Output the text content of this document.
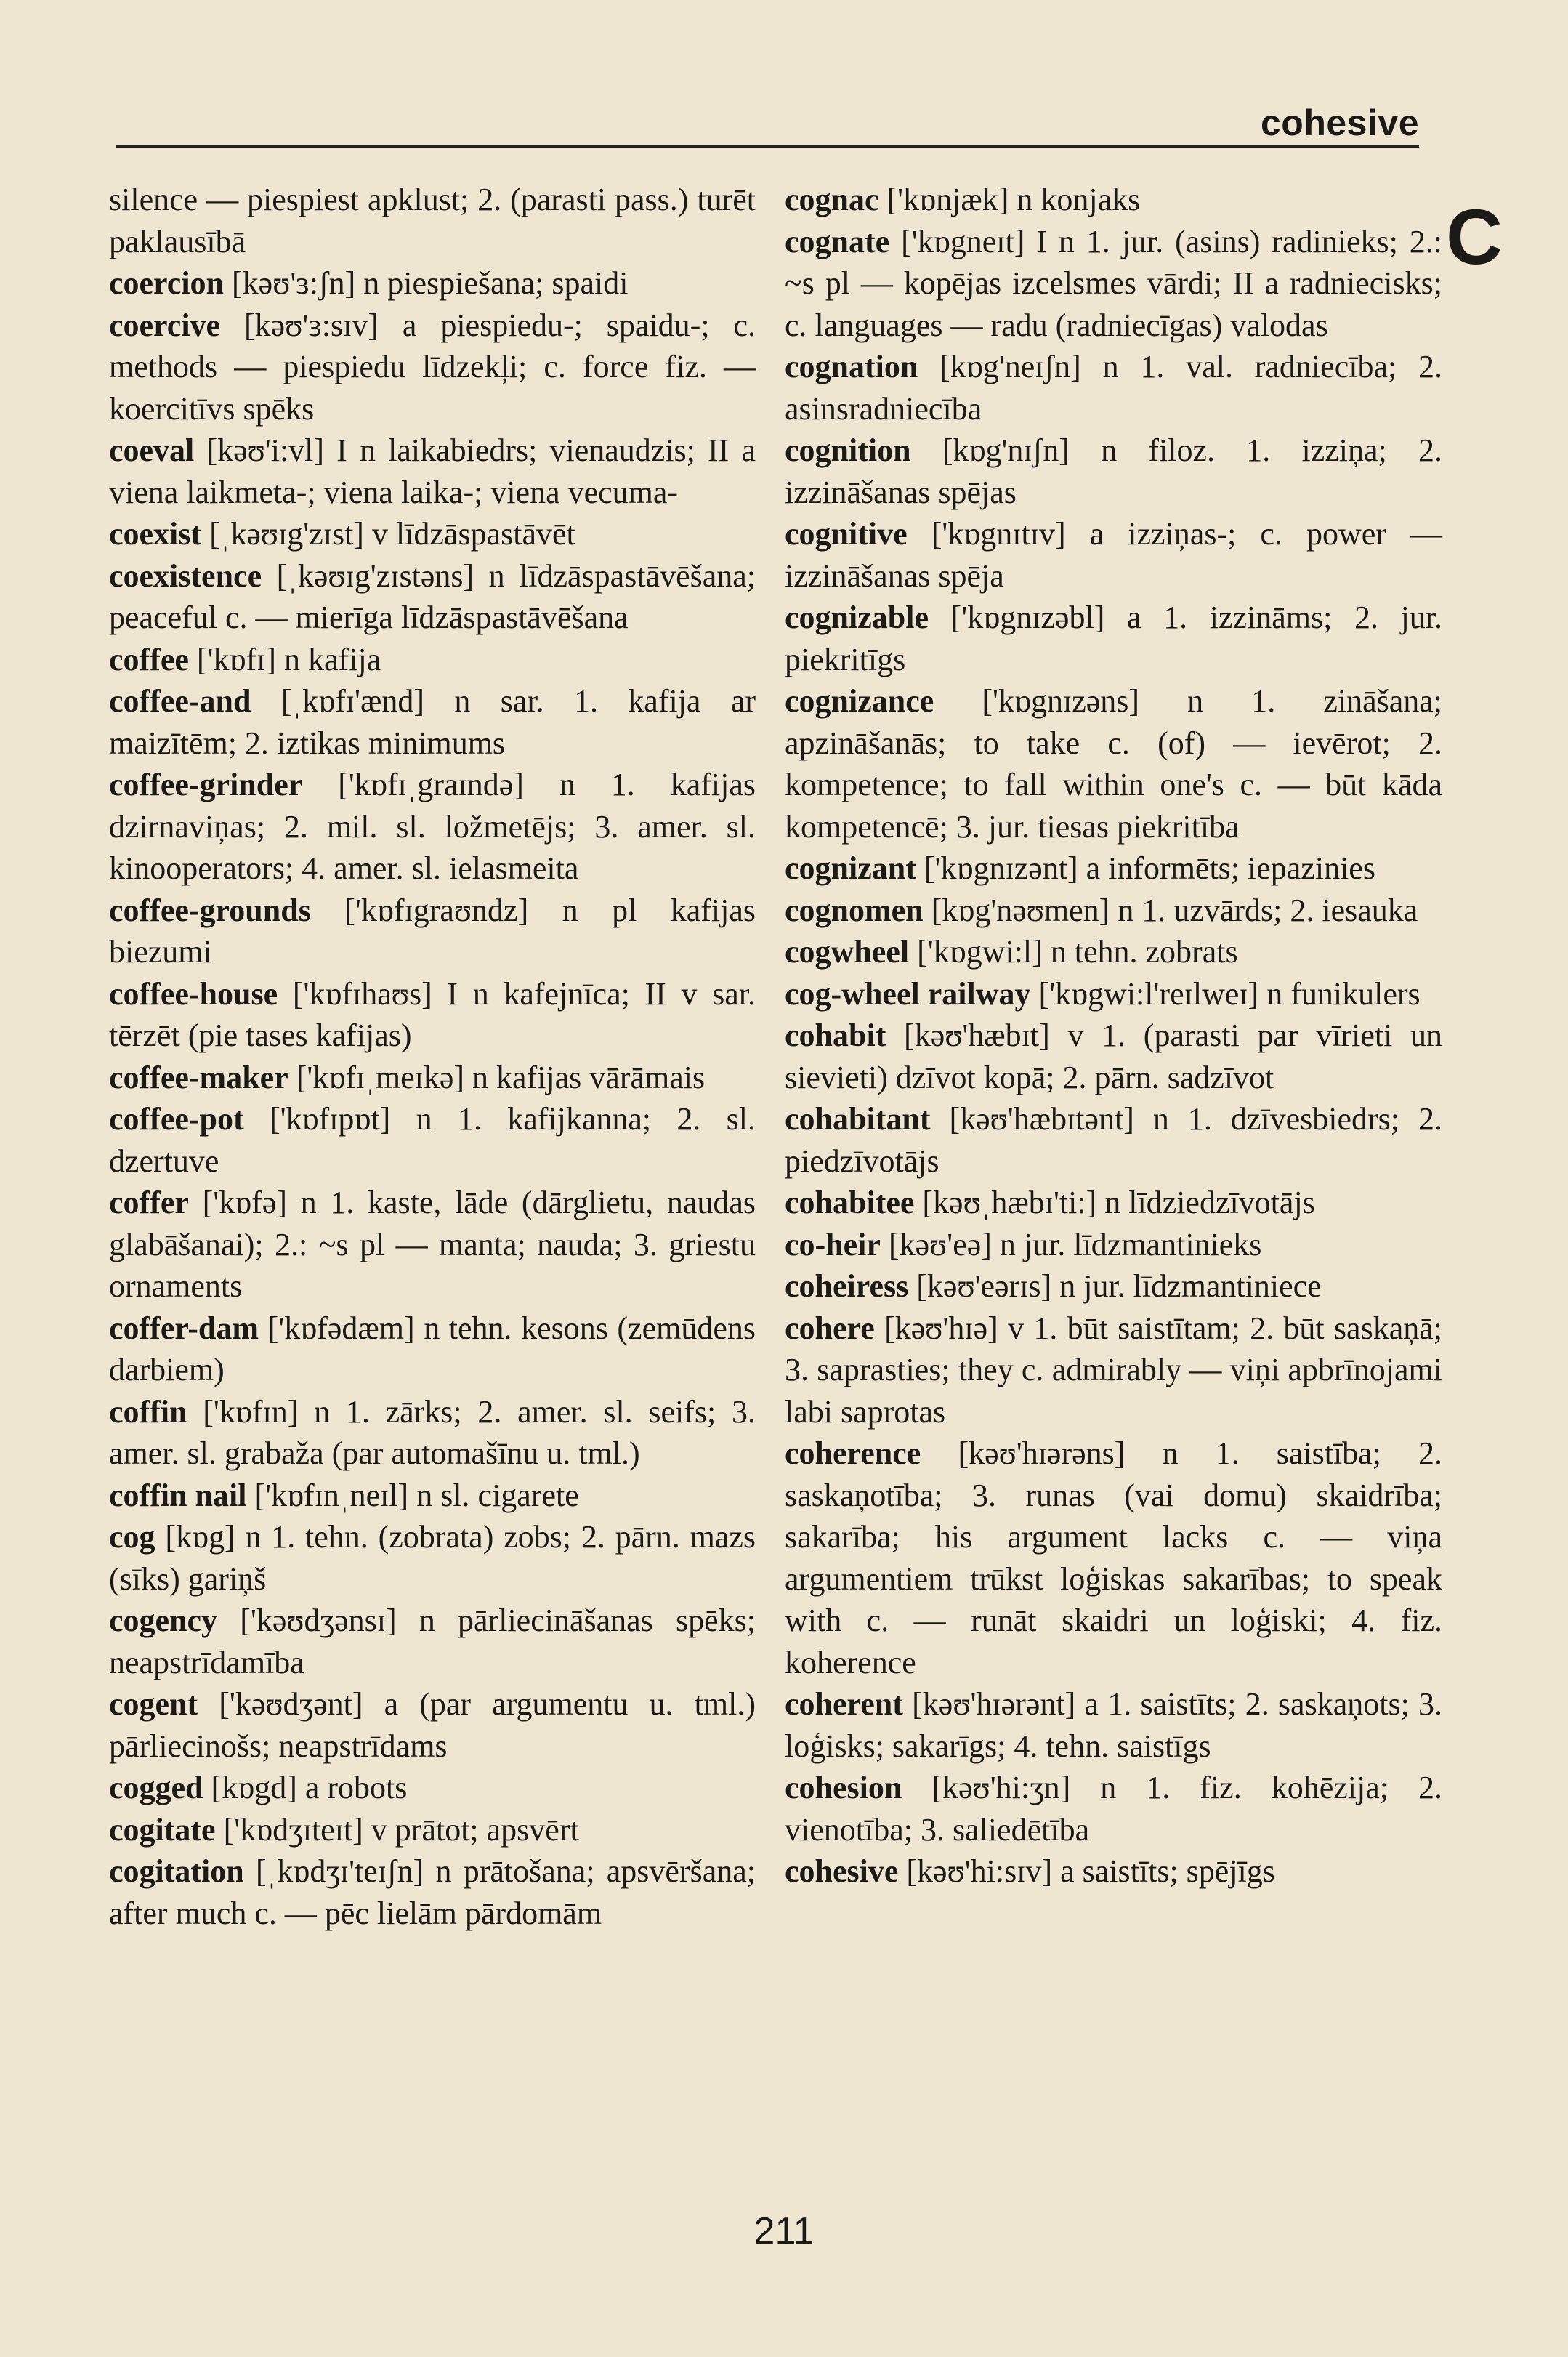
cohesive
C

silence — piespiest apklust; 2. (parasti pass.) turēt paklausībā

coercion [kəʊ'ɜ:ʃn] n piespiešana; spaidi

coercive [kəʊ'ɜ:sɪv] a piespiedu-; spaidu-; c. methods — piespiedu līdzekļi; c. force fiz. — koercitīvs spēks

coeval [kəʊ'i:vl] I n laikabiedrs; vienaudzis; II a viena laikmeta-; viena laika-; viena vecuma-

coexist [ˌkəʊɪg'zɪst] v līdzāspastāvēt

coexistence [ˌkəʊɪg'zɪstəns] n līdzāspastāvēšana; peaceful c. — mierīga līdzāspastāvēšana

coffee ['kɒfɪ] n kafija

coffee-and [ˌkɒfɪ'ænd] n sar. 1. kafija ar maizītēm; 2. iztikas minimums

coffee-grinder ['kɒfɪˌgraɪndə] n 1. kafijas dzirnaviņas; 2. mil. sl. ložmetējs; 3. amer. sl. kinooperators; 4. amer. sl. ielasmeita

coffee-grounds ['kɒfɪgraʊndz] n pl kafijas biezumi

coffee-house ['kɒfɪhaʊs] I n kafejnīca; II v sar. tērzēt (pie tases kafijas)

coffee-maker ['kɒfɪˌmeɪkə] n kafijas vārāmais

coffee-pot ['kɒfɪpɒt] n 1. kafijkanna; 2. sl. dzertuve

coffer ['kɒfə] n 1. kaste, lāde (dārglietu, naudas glabāšanai); 2.: ~s pl — manta; nauda; 3. griestu ornaments

coffer-dam ['kɒfədæm] n tehn. kesons (zemūdens darbiem)

coffin ['kɒfɪn] n 1. zārks; 2. amer. sl. seifs; 3. amer. sl. grabaža (par automašīnu u. tml.)

coffin nail ['kɒfɪnˌneɪl] n sl. cigarete

cog [kɒg] n 1. tehn. (zobrata) zobs; 2. pārn. mazs (sīks) gariņš

cogency ['kəʊdʒənsɪ] n pārliecināšanas spēks; neapstrīdamība

cogent ['kəʊdʒənt] a (par argumentu u. tml.) pārliecinošs; neapstrīdams

cogged [kɒgd] a robots

cogitate ['kɒdʒɪteɪt] v prātot; apsvērt

cogitation [ˌkɒdʒɪ'teɪʃn] n prātošana; apsvēršana; after much c. — pēc lielām pārdomām

cognac ['kɒnjæk] n konjaks

cognate ['kɒgneɪt] I n 1. jur. (asins) radinieks; 2.: ~s pl — kopējas izcelsmes vārdi; II a radniecisks; c. languages — radu (radniecīgas) valodas

cognation [kɒg'neɪʃn] n 1. val. radniecība; 2. asinsradniecība

cognition [kɒg'nɪʃn] n filoz. 1. izziņa; 2. izzināšanas spējas

cognitive ['kɒgnɪtɪv] a izziņas-; c. power — izzināšanas spēja

cognizable ['kɒgnɪzəbl] a 1. izzināms; 2. jur. piekritīgs

cognizance ['kɒgnɪzəns] n 1. zināšana; apzināšanās; to take c. (of) — ievērot; 2. kompetence; to fall within one's c. — būt kāda kompetencē; 3. jur. tiesas piekritība

cognizant ['kɒgnɪzənt] a informēts; iepazinies

cognomen [kɒg'nəʊmen] n 1. uzvārds; 2. iesauka

cogwheel ['kɒgwi:l] n tehn. zobrats

cog-wheel railway ['kɒgwi:l'reɪlweɪ] n funikulers

cohabit [kəʊ'hæbɪt] v 1. (parasti par vīrieti un sievieti) dzīvot kopā; 2. pārn. sadzīvot

cohabitant [kəʊ'hæbɪtənt] n 1. dzīvesbiedrs; 2. piedzīvotājs

cohabitee [kəʊˌhæbɪ'ti:] n līdziedzīvotājs

co-heir [kəʊ'eə] n jur. līdzmantinieks

coheiress [kəʊ'eərɪs] n jur. līdzmantiniece

cohere [kəʊ'hɪə] v 1. būt saistītam; 2. būt saskaņā; 3. saprasties; they c. admirably — viņi apbrīnojami labi saprotas

coherence [kəʊ'hɪərəns] n 1. saistība; 2. saskaņotība; 3. runas (vai domu) skaidrība; sakarība; his argument lacks c. — viņa argumentiem trūkst loģiskas sakarības; to speak with c. — runāt skaidri un loģiski; 4. fiz. koherence

coherent [kəʊ'hɪərənt] a 1. saistīts; 2. saskaņots; 3. loģisks; sakarīgs; 4. tehn. saistīgs

cohesion [kəʊ'hi:ʒn] n 1. fiz. kohēzija; 2. vienotība; 3. saliedētība

cohesive [kəʊ'hi:sɪv] a saistīts; spējīgs

211
